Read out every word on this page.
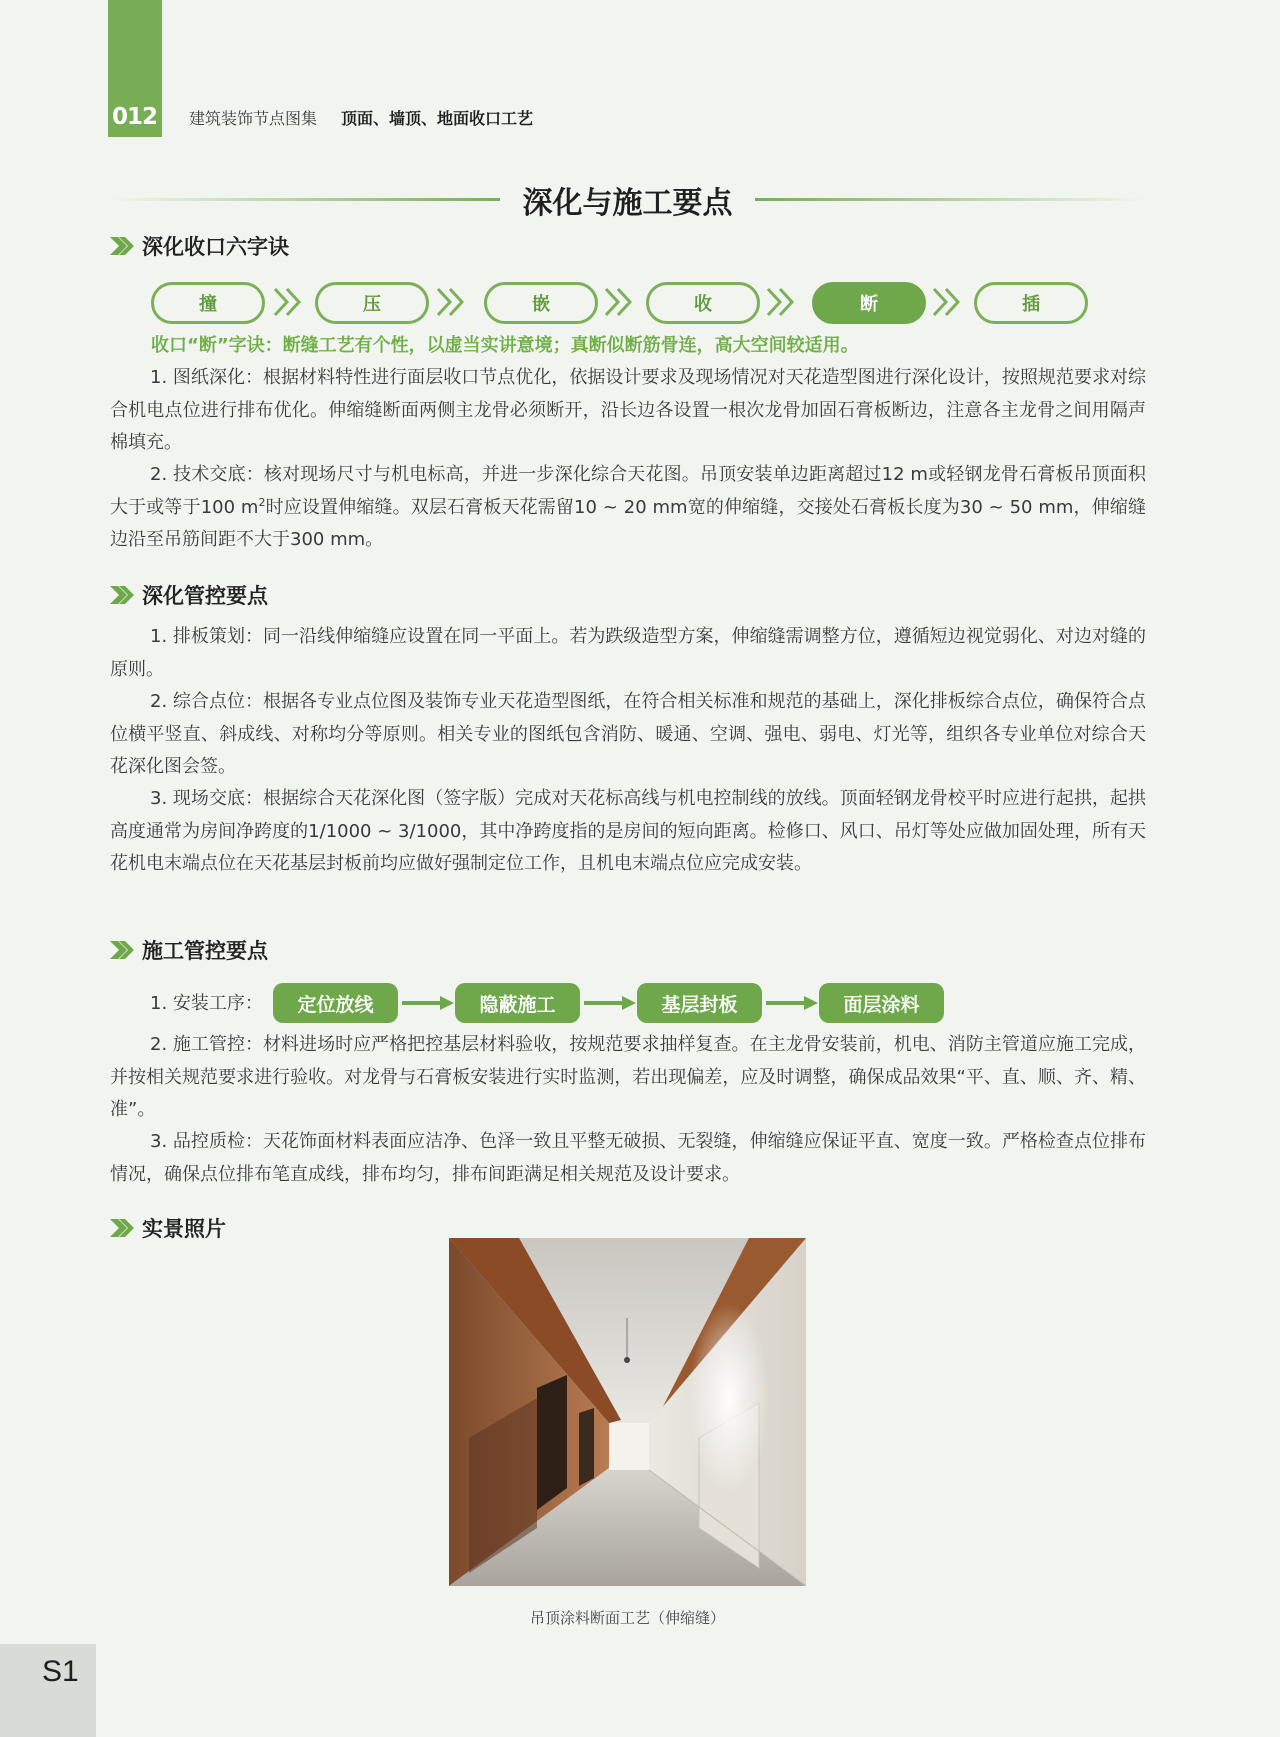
012 建筑装饰节点图集 顶面、墙顶、地面收口工艺
深化与施工要点
深化收口六字诀
撞	压	嵌	收	断	插
收口“断”字诀：断缝工艺有个性，以虚当实讲意境；真断似断筋骨连，高大空间较适用。

1. 图纸深化：根据材料特性进行面层收口节点优化，依据设计要求及现场情况对天花造型图进行深化设计，按照规范要求对综合机电点位进行排布优化。伸缩缝断面两侧主龙骨必须断开，沿长边各设置一根次龙骨加固石膏板断边，注意各主龙骨之间用隔声棉填充。

2. 技术交底：核对现场尺寸与机电标高，并进一步深化综合天花图。吊顶安装单边距离超过12 m或轻钢龙骨石膏板吊顶面积大于或等于100 $m^2$时应设置伸缩缝。双层石膏板天花需留10 ~ 20 mm宽的伸缩缝，交接处石膏板长度为30 ~ 50 mm，伸缩缝边沿至吊筋间距不大于300 mm。

深化管控要点

1. 排板策划：同一沿线伸缩缝应设置在同一平面上。若为跌级造型方案，伸缩缝需调整方位，遵循短边视觉弱化、对边对缝的原则。

2. 综合点位：根据各专业点位图及装饰专业天花造型图纸，在符合相关标准和规范的基础上，深化排板综合点位，确保符合点位横平竖直、斜成线、对称均分等原则。相关专业的图纸包含消防、暖通、空调、强电、弱电、灯光等，组织各专业单位对综合天花深化图会签。

3. 现场交底：根据综合天花深化图（签字版）完成对天花标高线与机电控制线的放线。顶面轻钢龙骨校平时应进行起拱，起拱高度通常为房间净跨度的1/1000 ~ 3/1000，其中净跨度指的是房间的短向距离。检修口、风口、吊灯等处应做加固处理，所有天花机电末端点位在天花基层封板前均应做好强制定位工作，且机电末端点位应完成安装。

施工管控要点
1. 安装工序：	定位放线	隐蔽施工	基层封板	面层涂料

2. 施工管控：材料进场时应严格把控基层材料验收，按规范要求抽样复查。在主龙骨安装前，机电、消防主管道应施工完成，并按相关规范要求进行验收。对龙骨与石膏板安装进行实时监测，若出现偏差，应及时调整，确保成品效果“平、直、顺、齐、精、准”。

3. 品控质检：天花饰面材料表面应洁净、色泽一致且平整无破损、无裂缝，伸缩缝应保证平直、宽度一致。严格检查点位排布情况，确保点位排布笔直成线，排布均匀，排布间距满足相关规范及设计要求。

实景照片
吊顶涂料断面工艺（伸缩缝）
S1
